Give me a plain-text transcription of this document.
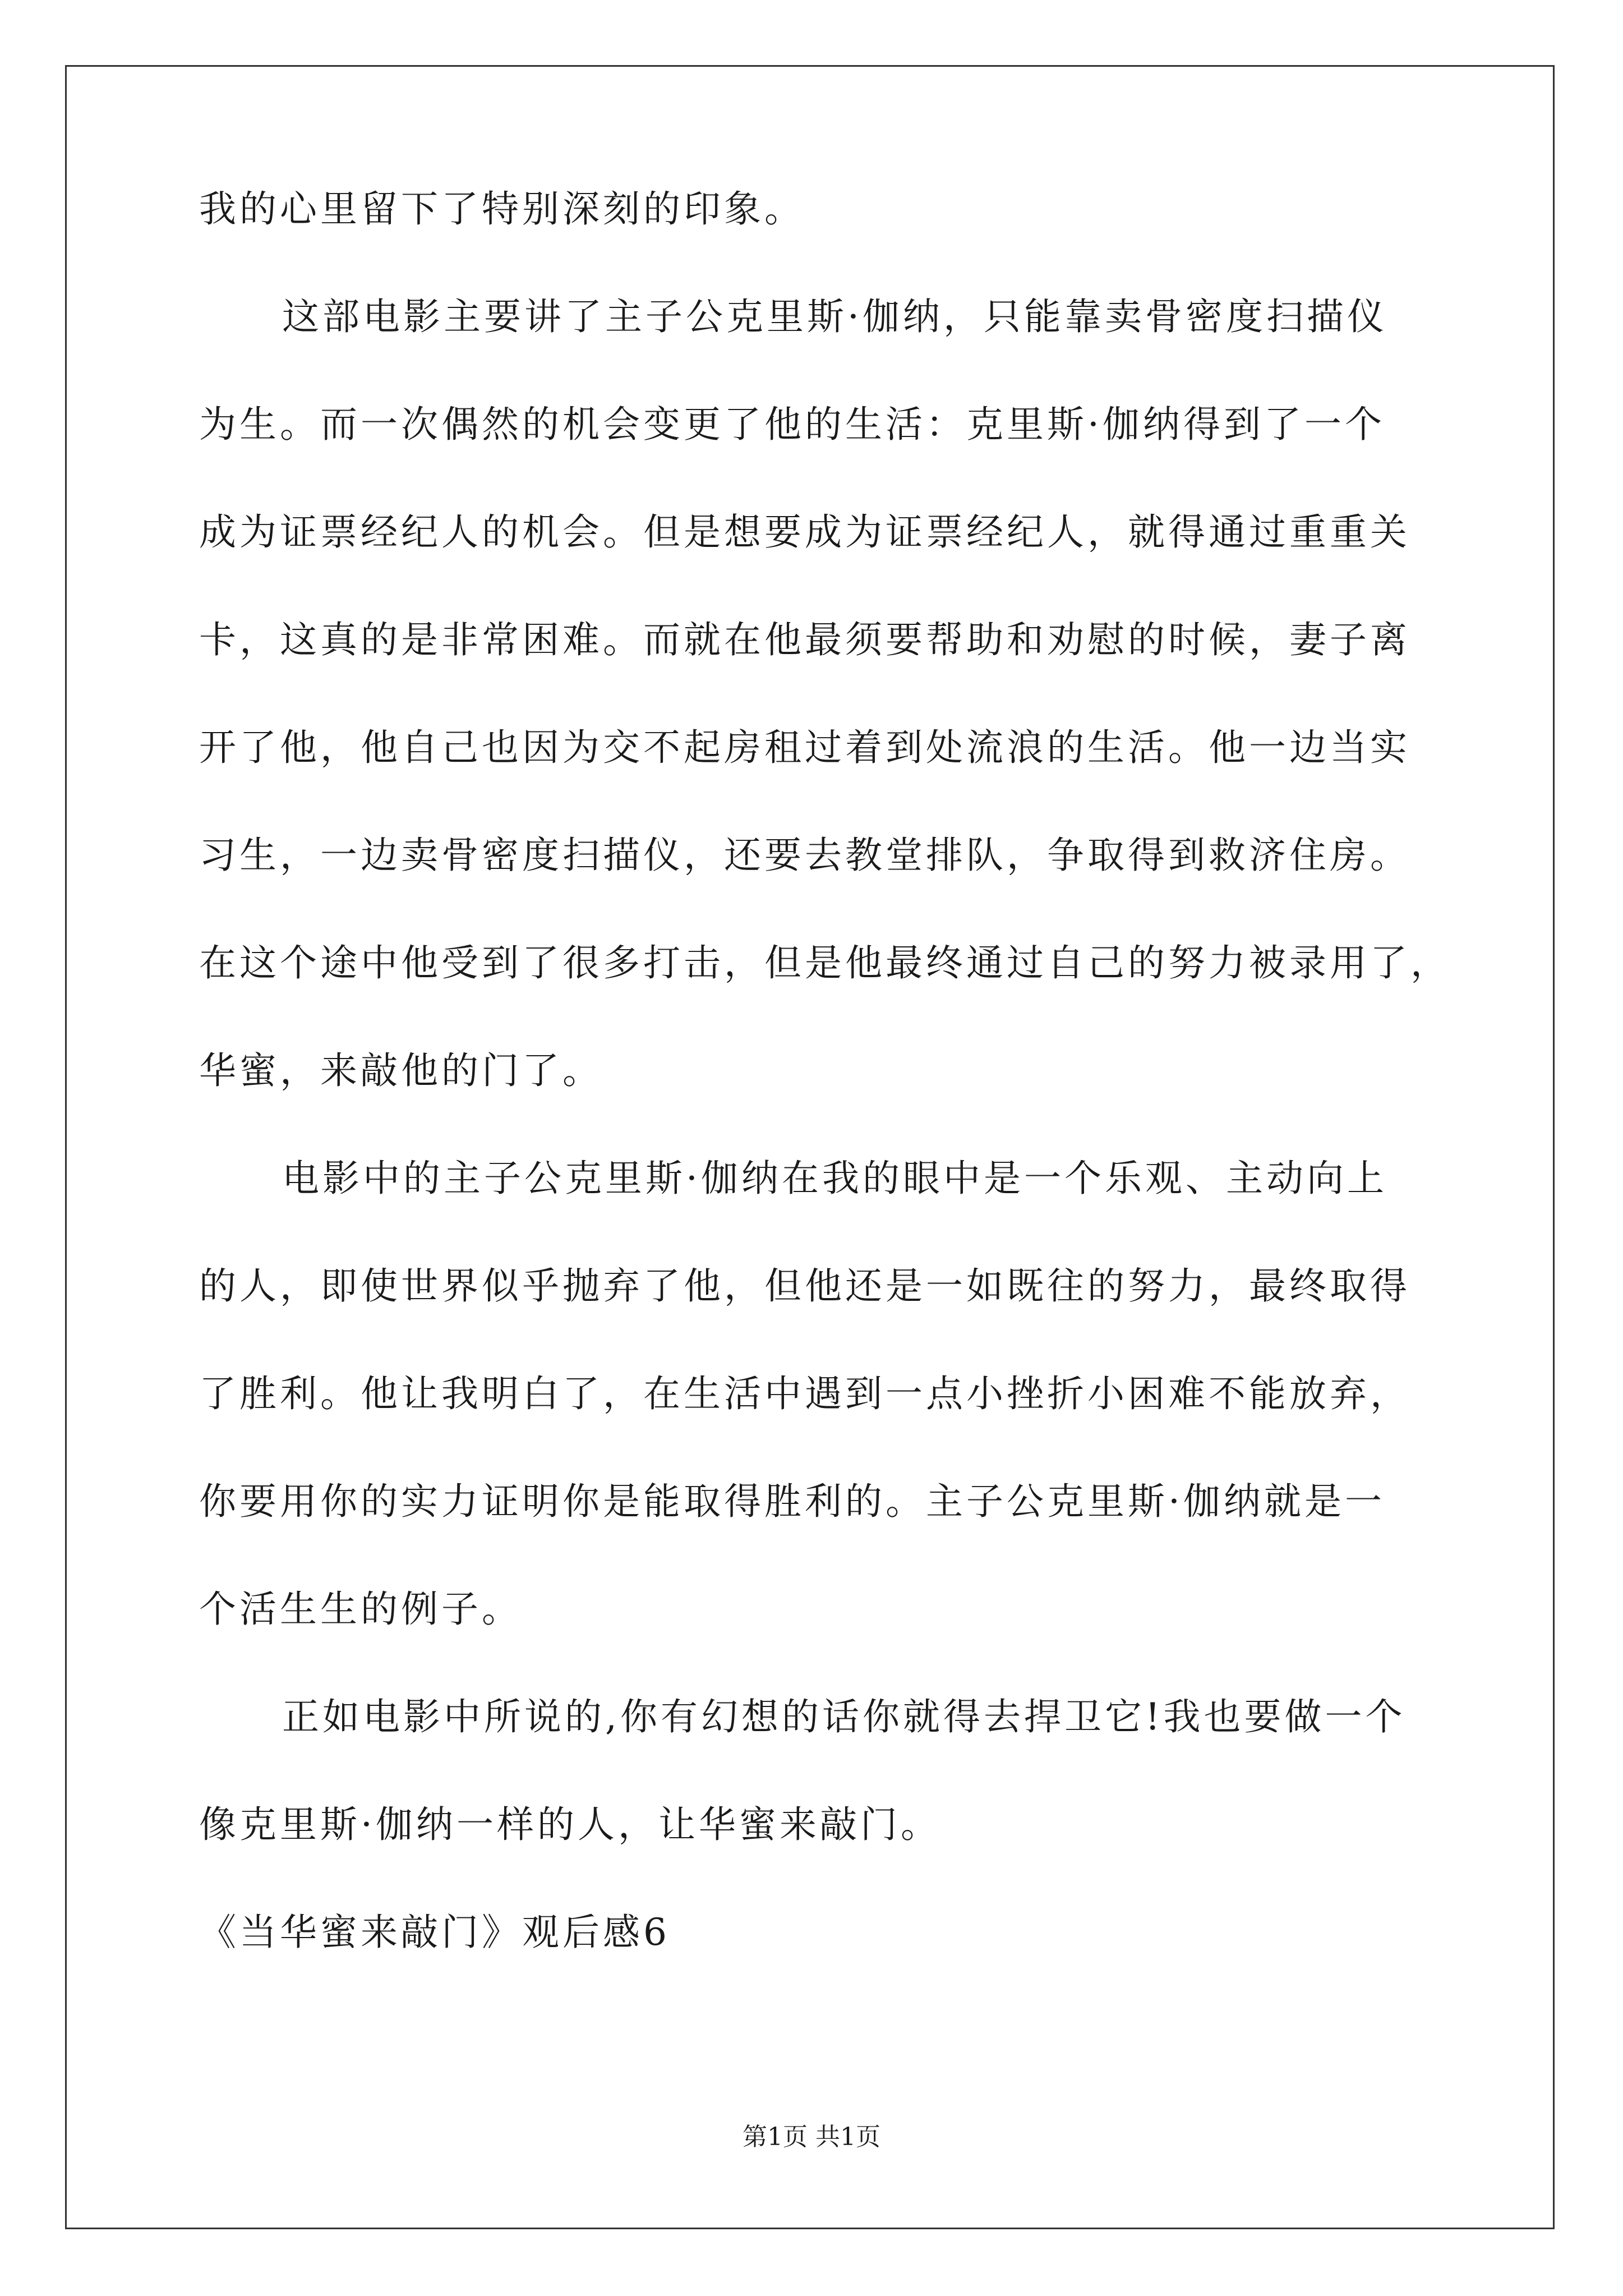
我的心里留下了特别深刻的印象。
这部电影主要讲了主子公克里斯·伽纳，只能靠卖骨密度扫描仪
为生。而一次偶然的机会变更了他的生活：克里斯·伽纳得到了一个
成为证票经纪人的机会。但是想要成为证票经纪人，就得通过重重关
卡，这真的是非常困难。而就在他最须要帮助和劝慰的时候，妻子离
开了他，他自己也因为交不起房租过着到处流浪的生活。他一边当实
习生，一边卖骨密度扫描仪，还要去教堂排队，争取得到救济住房。
在这个途中他受到了很多打击，但是他最终通过自己的努力被录用了，
华蜜，来敲他的门了。
电影中的主子公克里斯·伽纳在我的眼中是一个乐观、主动向上
的人，即使世界似乎抛弃了他，但他还是一如既往的努力，最终取得
了胜利。他让我明白了，在生活中遇到一点小挫折小困难不能放弃，
你要用你的实力证明你是能取得胜利的。主子公克里斯·伽纳就是一
个活生生的例子。
正如电影中所说的,你有幻想的话你就得去捍卫它!我也要做一个
像克里斯·伽纳一样的人，让华蜜来敲门。
《当华蜜来敲门》观后感6
第1页 共1页
